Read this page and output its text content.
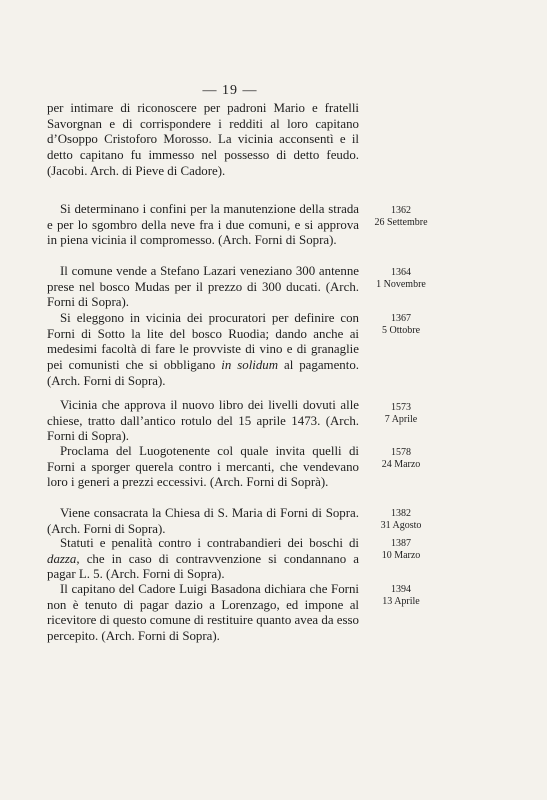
— 19 —

per intimare di riconoscere per padroni Mario e fratelli Savorgnan e di corrispondere i redditi al loro capitano d’Osoppo Cristoforo Morosso. La vicinia acconsentì e il detto capitano fu immesso nel possesso di detto feudo. (Jacobi. Arch. di Pieve di Cadore).

Si determinano i confini per la manutenzione della strada e per lo sgombro della neve fra i due comuni, e si approva in piena vicinia il compromesso. (Arch. Forni di Sopra).

1362
26 Settembre

Il comune vende a Stefano Lazari veneziano 300 antenne prese nel bosco Mudas per il prezzo di 300 ducati. (Arch. Forni di Sopra).

1364
1 Novembre

Si eleggono in vicinia dei procuratori per definire con Forni di Sotto la lite del bosco Ruodia; dando anche ai medesimi facoltà di fare le provviste di vino e di granaglie pei comunisti che si obbligano in solidum al pagamento. (Arch. Forni di Sopra).

1367
5 Ottobre

Vicinia che approva il nuovo libro dei livelli dovuti alle chiese, tratto dall’antico rotulo del 15 aprile 1473. (Arch. Forni di Sopra).

1573
7 Aprile

Proclama del Luogotenente col quale invita quelli di Forni a sporger querela contro i mercanti, che vendevano loro i generi a prezzi eccessivi. (Arch. Forni di Soprà).

1578
24 Marzo

Viene consacrata la Chiesa di S. Maria di Forni di Sopra. (Arch. Forni di Sopra).

1382
31 Agosto

Statuti e penalità contro i contrabandieri dei boschi di dazza, che in caso di contravvenzione si condannano a pagar L. 5. (Arch. Forni di Sopra).

1387
10 Marzo

Il capitano del Cadore Luigi Basadona dichiara che Forni non è tenuto di pagar dazio a Lorenzago, ed impone al ricevitore di questo comune di restituire quanto avea da esso percepito. (Arch. Forni di Sopra).

1394
13 Aprile
